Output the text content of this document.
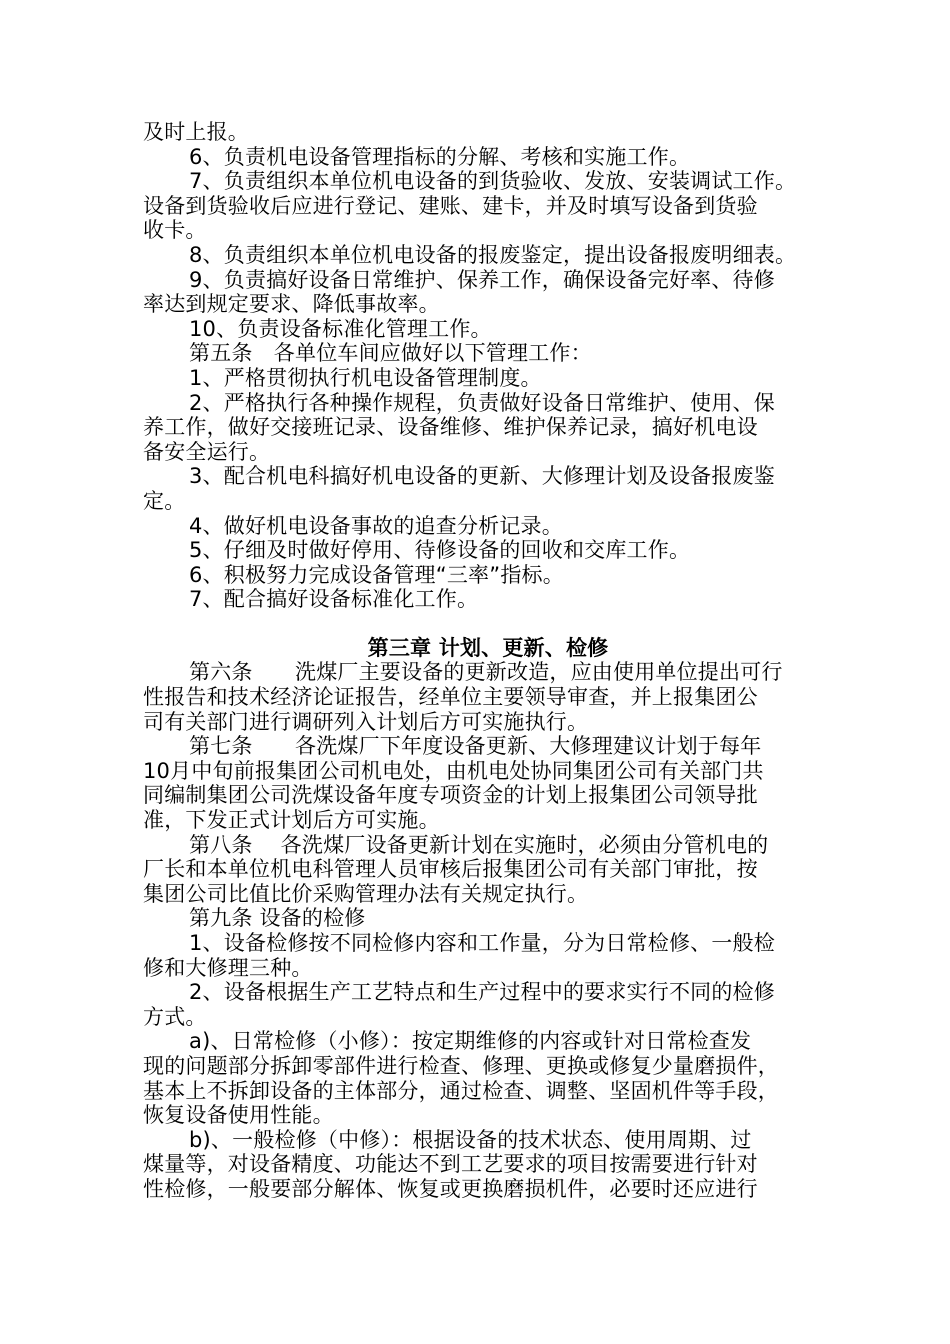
及时上报。
6、负责机电设备管理指标的分解、考核和实施工作。
7、负责组织本单位机电设备的到货验收、发放、安装调试工作。
设备到货验收后应进行登记、建账、建卡，并及时填写设备到货验
收卡。
8、负责组织本单位机电设备的报废鉴定，提出设备报废明细表。
9、负责搞好设备日常维护、保养工作，确保设备完好率、待修
率达到规定要求、降低事故率。
10、负责设备标准化管理工作。
第五条　各单位车间应做好以下管理工作：
1、严格贯彻执行机电设备管理制度。
2、严格执行各种操作规程，负责做好设备日常维护、使用、保
养工作，做好交接班记录、设备维修、维护保养记录，搞好机电设
备安全运行。
3、配合机电科搞好机电设备的更新、大修理计划及设备报废鉴
定。
4、做好机电设备事故的追查分析记录。
5、仔细及时做好停用、待修设备的回收和交库工作。
6、积极努力完成设备管理“三率”指标。
7、配合搞好设备标准化工作。
第三章 计划、更新、检修
第六条　　洗煤厂主要设备的更新改造，应由使用单位提出可行
性报告和技术经济论证报告，经单位主要领导审查，并上报集团公
司有关部门进行调研列入计划后方可实施执行。
第七条　　各洗煤厂下年度设备更新、大修理建议计划于每年
10月中旬前报集团公司机电处，由机电处协同集团公司有关部门共
同编制集团公司洗煤设备年度专项资金的计划上报集团公司领导批
准，下发正式计划后方可实施。
第八条　 各洗煤厂设备更新计划在实施时，必须由分管机电的
厂长和本单位机电科管理人员审核后报集团公司有关部门审批，按
集团公司比值比价采购管理办法有关规定执行。
第九条 设备的检修
1、设备检修按不同检修内容和工作量，分为日常检修、一般检
修和大修理三种。
2、设备根据生产工艺特点和生产过程中的要求实行不同的检修
方式。
a)、日常检修（小修）：按定期维修的内容或针对日常检查发
现的问题部分拆卸零部件进行检查、修理、更换或修复少量磨损件，
基本上不拆卸设备的主体部分，通过检查、调整、坚固机件等手段，
恢复设备使用性能。
b)、一般检修（中修）：根据设备的技术状态、使用周期、过
煤量等，对设备精度、功能达不到工艺要求的项目按需要进行针对
性检修，一般要部分解体、恢复或更换磨损机件，必要时还应进行
